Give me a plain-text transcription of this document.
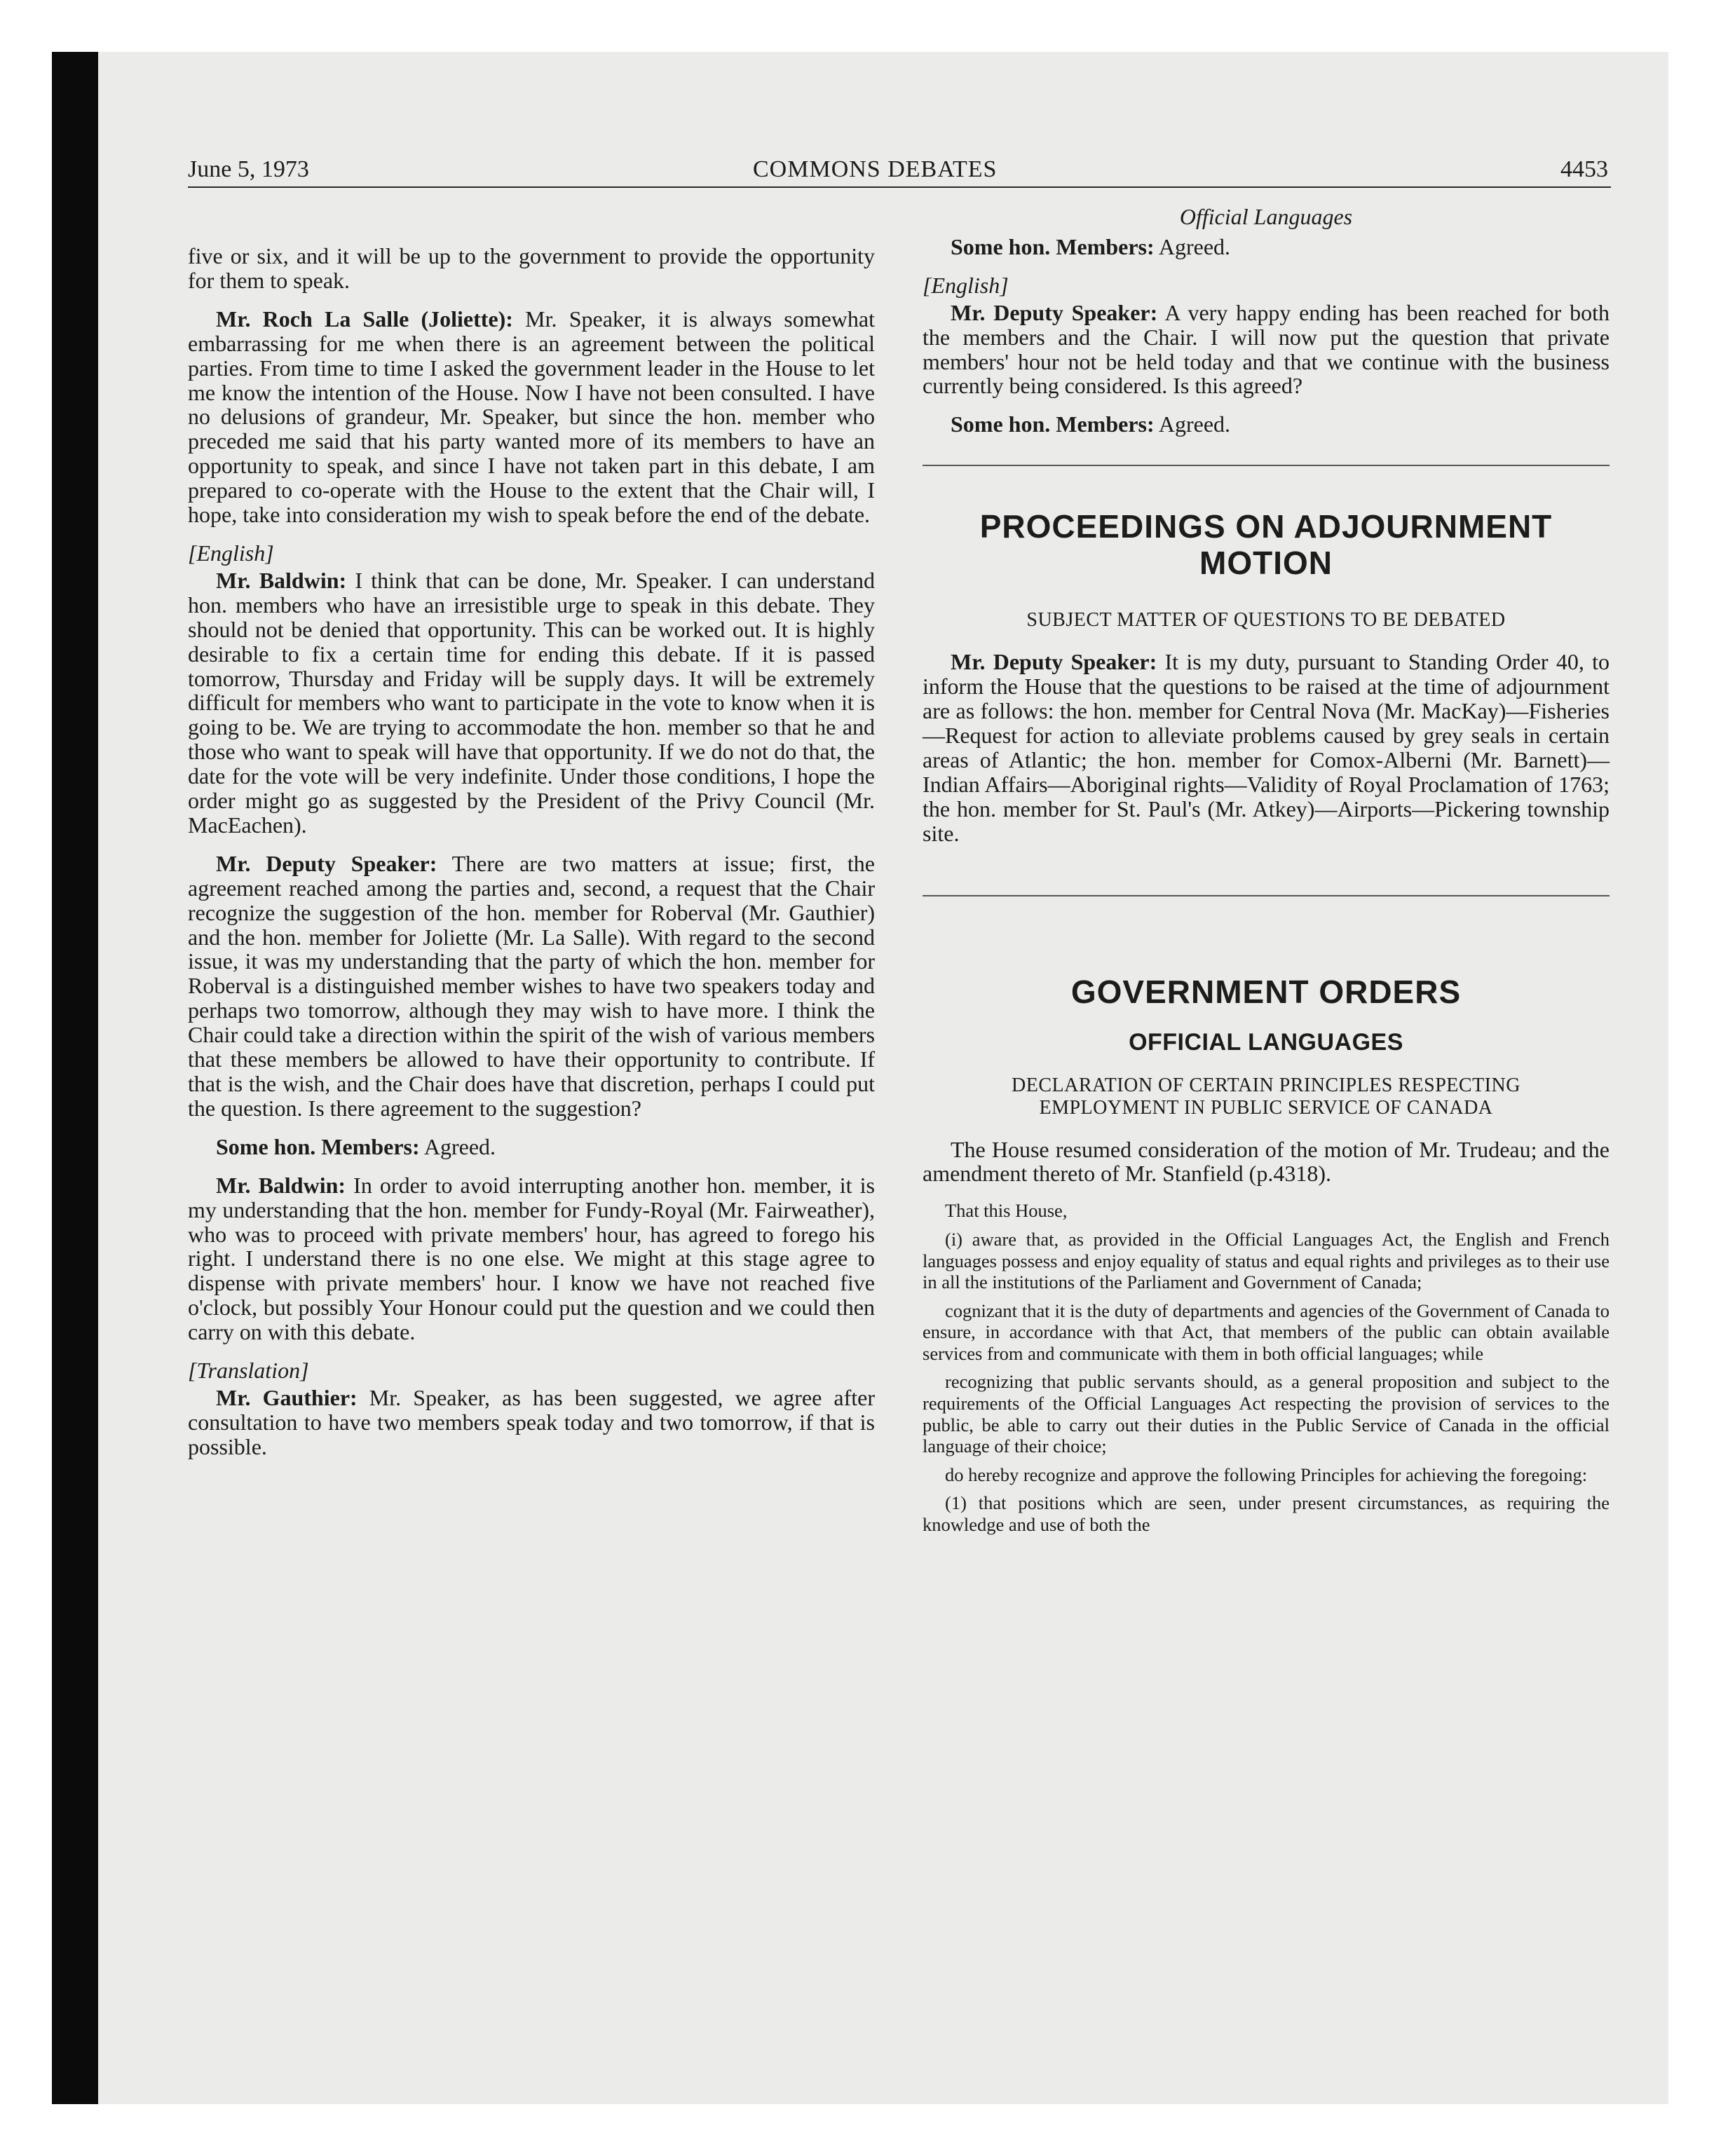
June 5, 1973	COMMONS DEBATES	4453

five or six, and it will be up to the government to provide the opportunity for them to speak.

Mr. Roch La Salle (Joliette): Mr. Speaker, it is always somewhat embarrassing for me when there is an agreement between the political parties. From time to time I asked the government leader in the House to let me know the intention of the House. Now I have not been consulted. I have no delusions of grandeur, Mr. Speaker, but since the hon. member who preceded me said that his party wanted more of its members to have an opportunity to speak, and since I have not taken part in this debate, I am prepared to co-operate with the House to the extent that the Chair will, I hope, take into consideration my wish to speak before the end of the debate.

[English]

Mr. Baldwin: I think that can be done, Mr. Speaker. I can understand hon. members who have an irresistible urge to speak in this debate. They should not be denied that opportunity. This can be worked out. It is highly desirable to fix a certain time for ending this debate. If it is passed tomorrow, Thursday and Friday will be supply days. It will be extremely difficult for members who want to participate in the vote to know when it is going to be. We are trying to accommodate the hon. member so that he and those who want to speak will have that opportunity. If we do not do that, the date for the vote will be very indefinite. Under those conditions, I hope the order might go as suggested by the President of the Privy Council (Mr. MacEachen).

Mr. Deputy Speaker: There are two matters at issue; first, the agreement reached among the parties and, second, a request that the Chair recognize the suggestion of the hon. member for Roberval (Mr. Gauthier) and the hon. member for Joliette (Mr. La Salle). With regard to the second issue, it was my understanding that the party of which the hon. member for Roberval is a distinguished member wishes to have two speakers today and perhaps two tomorrow, although they may wish to have more. I think the Chair could take a direction within the spirit of the wish of various members that these members be allowed to have their opportunity to contribute. If that is the wish, and the Chair does have that discretion, perhaps I could put the question. Is there agreement to the suggestion?

Some hon. Members: Agreed.

Mr. Baldwin: In order to avoid interrupting another hon. member, it is my understanding that the hon. member for Fundy-Royal (Mr. Fairweather), who was to proceed with private members' hour, has agreed to forego his right. I understand there is no one else. We might at this stage agree to dispense with private members' hour. I know we have not reached five o'clock, but possibly Your Honour could put the question and we could then carry on with this debate.

[Translation]

Mr. Gauthier: Mr. Speaker, as has been suggested, we agree after consultation to have two members speak today and two tomorrow, if that is possible.

Official Languages

Some hon. Members: Agreed.

[English]

Mr. Deputy Speaker: A very happy ending has been reached for both the members and the Chair. I will now put the question that private members' hour not be held today and that we continue with the business currently being considered. Is this agreed?

Some hon. Members: Agreed.

PROCEEDINGS ON ADJOURNMENT MOTION
SUBJECT MATTER OF QUESTIONS TO BE DEBATED

Mr. Deputy Speaker: It is my duty, pursuant to Standing Order 40, to inform the House that the questions to be raised at the time of adjournment are as follows: the hon. member for Central Nova (Mr. MacKay)—Fisheries—Request for action to alleviate problems caused by grey seals in certain areas of Atlantic; the hon. member for Comox-Alberni (Mr. Barnett)—Indian Affairs—Aboriginal rights—Validity of Royal Proclamation of 1763; the hon. member for St. Paul's (Mr. Atkey)—Airports—Pickering township site.

GOVERNMENT ORDERS
OFFICIAL LANGUAGES
DECLARATION OF CERTAIN PRINCIPLES RESPECTING EMPLOYMENT IN PUBLIC SERVICE OF CANADA

The House resumed consideration of the motion of Mr. Trudeau; and the amendment thereto of Mr. Stanfield (p.4318).

That this House,

(i) aware that, as provided in the Official Languages Act, the English and French languages possess and enjoy equality of status and equal rights and privileges as to their use in all the institutions of the Parliament and Government of Canada;

cognizant that it is the duty of departments and agencies of the Government of Canada to ensure, in accordance with that Act, that members of the public can obtain available services from and communicate with them in both official languages; while

recognizing that public servants should, as a general proposition and subject to the requirements of the Official Languages Act respecting the provision of services to the public, be able to carry out their duties in the Public Service of Canada in the official language of their choice;

do hereby recognize and approve the following Principles for achieving the foregoing:

(1) that positions which are seen, under present circumstances, as requiring the knowledge and use of both the
